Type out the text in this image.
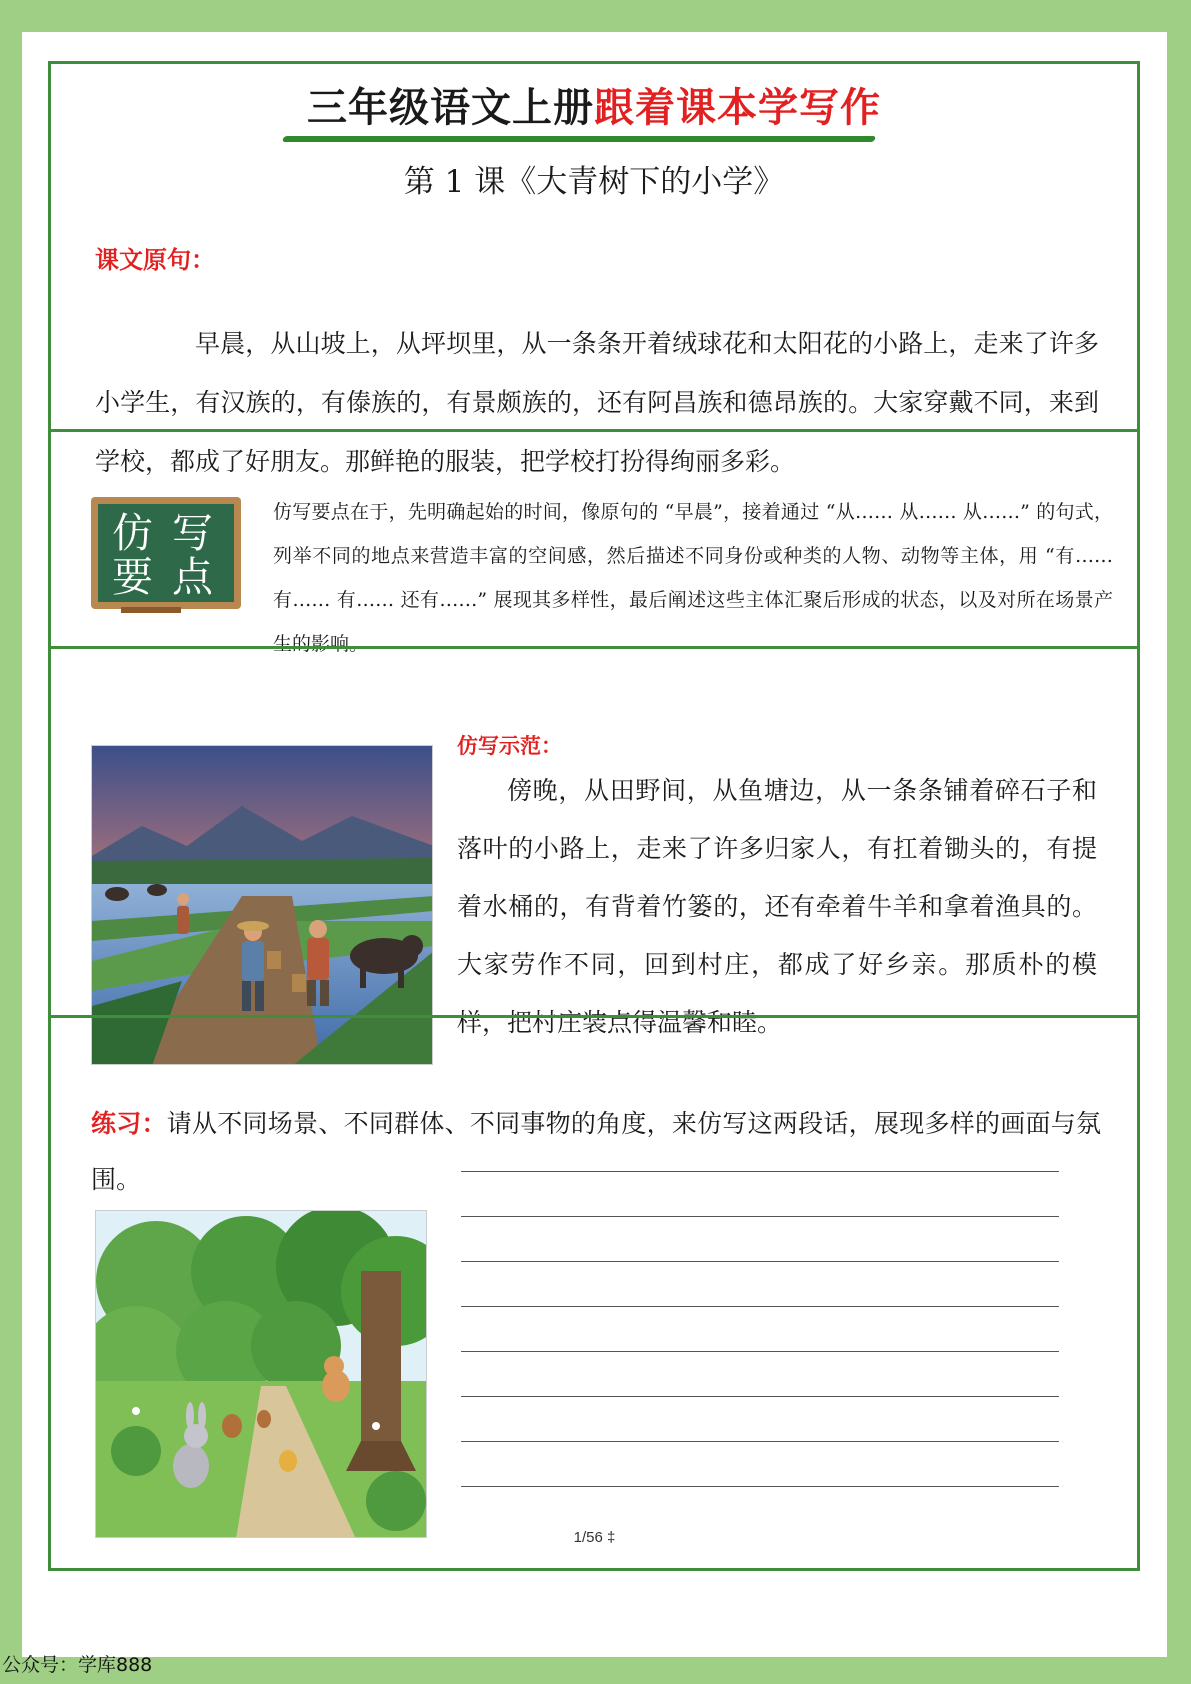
三年级语文上册跟着课本学写作
第 1 课《大青树下的小学》
课文原句：
早晨，从山坡上，从坪坝里，从一条条开着绒球花和太阳花的小路上，走来了许多小学生，有汉族的，有傣族的，有景颇族的，还有阿昌族和德昂族的。大家穿戴不同，来到学校，都成了好朋友。那鲜艳的服装，把学校打扮得绚丽多彩。
仿 写
要 点
仿写要点在于，先明确起始的时间，像原句的 “早晨”，接着通过 “从…… 从…… 从……” 的句式，列举不同的地点来营造丰富的空间感，然后描述不同身份或种类的人物、动物等主体，用 “有…… 有…… 有…… 还有……” 展现其多样性，最后阐述这些主体汇聚后形成的状态，以及对所在场景产生的影响。
仿写示范：
傍晚，从田野间，从鱼塘边，从一条条铺着碎石子和落叶的小路上，走来了许多归家人，有扛着锄头的，有提着水桶的，有背着竹篓的，还有牵着牛羊和拿着渔具的。大家劳作不同，回到村庄，都成了好乡亲。那质朴的模样，把村庄装点得温馨和睦。
练习：请从不同场景、不同群体、不同事物的角度，来仿写这两段话，展现多样的画面与氛围。
1/56 ‡
公众号：学库888
